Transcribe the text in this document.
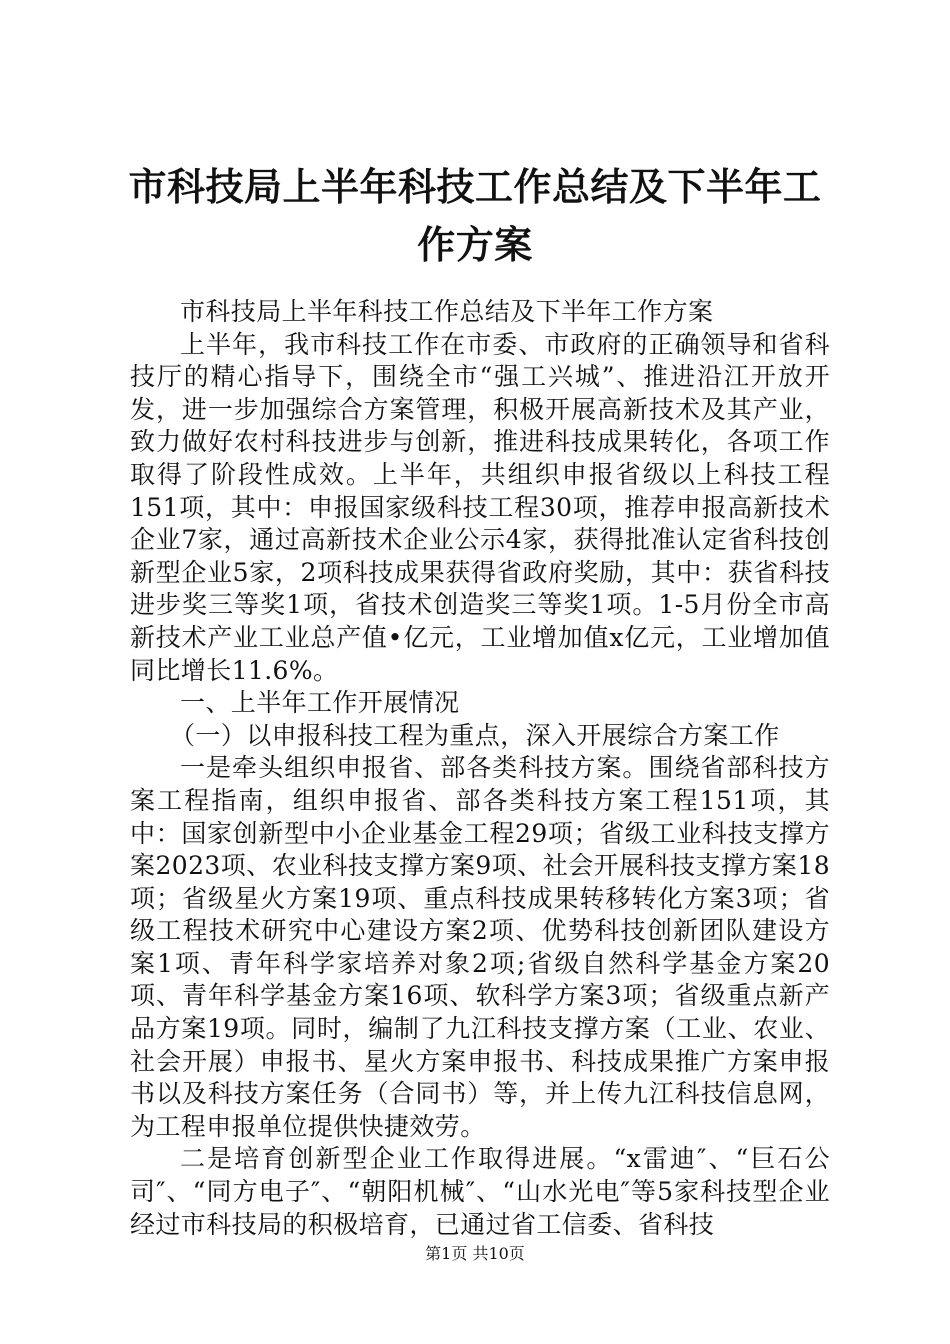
市科技局上半年科技工作总结及下半年工作方案

市科技局上半年科技工作总结及下半年工作方案

上半年，我市科技工作在市委、市政府的正确领导和省科技厅的精心指导下，围绕全市“强工兴城”、推进沿江开放开发，进一步加强综合方案管理，积极开展高新技术及其产业，致力做好农村科技进步与创新，推进科技成果转化，各项工作取得了阶段性成效。上半年，共组织申报省级以上科技工程151项，其中：申报国家级科技工程30项，推荐申报高新技术企业7家，通过高新技术企业公示4家，获得批准认定省科技创新型企业5家，2项科技成果获得省政府奖励，其中：获省科技进步奖三等奖1项，省技术创造奖三等奖1项。1-5月份全市高新技术产业工业总产值•亿元，工业增加值x亿元，工业增加值同比增长11.6%。

一、上半年工作开展情况

（一）以申报科技工程为重点，深入开展综合方案工作

一是牵头组织申报省、部各类科技方案。围绕省部科技方案工程指南，组织申报省、部各类科技方案工程151项，其中：国家创新型中小企业基金工程29项；省级工业科技支撑方案2023项、农业科技支撑方案9项、社会开展科技支撑方案18项；省级星火方案19项、重点科技成果转移转化方案3项；省级工程技术研究中心建设方案2项、优势科技创新团队建设方案1项、青年科学家培养对象2项;省级自然科学基金方案20项、青年科学基金方案16项、软科学方案3项；省级重点新产品方案19项。同时，编制了九江科技支撑方案（工业、农业、社会开展）申报书、星火方案申报书、科技成果推广方案申报书以及科技方案任务（合同书）等，并上传九江科技信息网，为工程申报单位提供快捷效劳。

二是培育创新型企业工作取得进展。“x雷迪″、“巨石公司″、“同方电子″、“朝阳机械″、“山水光电″等5家科技型企业经过市科技局的积极培育，已通过省工信委、省科技

第1页 共10页
